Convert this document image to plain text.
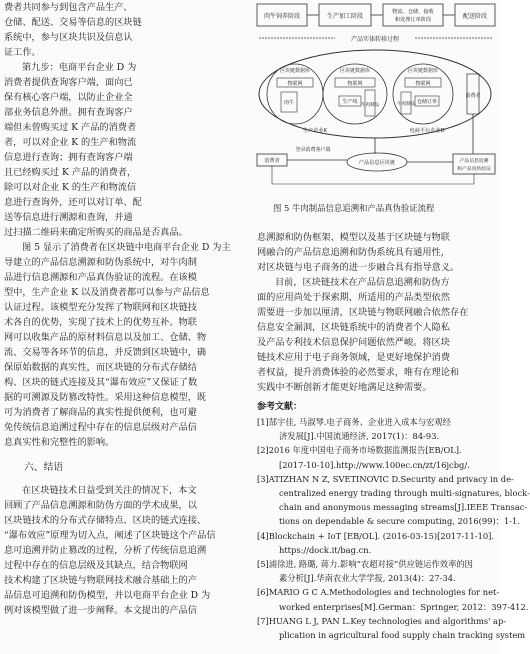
费者共同参与到包含产品生产、
仓储、配送、交易等信息的区块链
系统中，参与区块共识及信息认
证工作。
第九步：电商平台企业 D 为
消费者提供查询客户端，面向已
保有核心客户端，以防止企业全
部业务信息外泄。拥有查询客户
端但未曾购买过 K 产品的消费者
者，可以对企业 K 的生产和物流
信息进行查询；拥有查询客户端
且已经购买过 K 产品的消费者，
除可以对企业 K 的生产和物流信
息进行查询外，还可以对订单、配
送等信息进行溯源和查询，并通
过扫描二维码来确定所购买的商品是否真品。
图 5 显示了消费者在区块链中电商平台企业 D 为主
导建立的产品信息溯源和防伪系统中，对牛肉制
品进行信息溯源和产品真伪验证的流程。在该模
型中，生产企业 K 以及消费者都可以参与产品信息
认证过程。该模型充分发挥了物联网和区块链技
术各自的优势，实现了技术上的优势互补。物联
网可以收集产品的原材料信息以及加工、仓储、物
流、交易等各环节的信息，并反馈到区块链中，确
保原始数据的真实性，而区块链的分布式存储结
构、区块的链式连接及其“瀑布效应”又保证了数
据的可溯源及防篡改特性。采用这种信息模型，既
可为消费者了解商品的真实性提供便利，也可避
免传统信息追溯过程中存在的信息层级对产品信
息真实性和完整性的影响。
六、结语
在区块链技术日益受到关注的情况下，本文
回顾了产品信息溯源和防伪方面的学术成果，以
区块链技术的分布式存储特点、区块的链式连接、
“瀑布效应”原理为切入点，阐述了区块链这个产品信
息可追溯并防止篡改的过程，分析了传统信息追溯
过程中存在的信息层级及其缺点，结合物联网
技术构建了区块链与物联网技术融合基础上的产
品信息可追溯和防伪模型，并以电商平台企业 D 为
例对该模型做了进一步阐释。本文提出的产品信
肉牛饲养阶段	生产加工阶段
物流、仓储、接收
和处理订单阶段	配送阶段
产品实体转移过程
区块链数据库	区块链数据库	区块链数据库
物联网	物联网	物联网
肉牛	生产线
牛肉制品	牛肉制品 仓储订单
消费者
生产企业K	电商平台企业D
消费者
登录消费客户端
产品信息区块链	产品信息追溯
和产品真伪验证
图 5 牛肉制品信息追溯和产品真伪验证流程
息溯源和防伪框架、模型以及基于区块链与物联
网融合的产品信息追溯和防伪系统具有通用性，
对区块链与电子商务的进一步融合具有指导意义。
目前，区块链技术在产品信息追溯和防伪方
面的应用尚处于探索期，所适用的产品类型依然
需要进一步加以厘清，区块链与物联网融合依然存在
信息安全漏洞，区块链系统中的消费者个人隐私
及产品专利技术信息保护问题依然严峻。将区块
链技术应用于电子商务领域，是更好地保护消费
者权益，提升消费体验的必然要求，唯有在理论和
实践中不断创新才能更好地满足这种需要。
参考文献：
[1]郜宇佳, 马淑琴.电子商务、企业进入成本与宏观经
济发展[J].中国流通经济, 2017(1)：84-93.
[2]2016 年度中国电子商务市场数据监测报告[EB/OL].
[2017-10-10].http://www.100ec.cn/zt/16jcbg/.
[3]ATIZHAN N Z, SVETINOVIC D.Security and privacy in de-
centralized energy trading through multi-signatures, block-
chain and anonymous messaging streams[J].IEEE Transac-
tions on dependable & secure computing, 2016(99)：1-1.
[4]Blockchain + IoT [EB/OL]. (2016-03-15)[2017-11-10].
https://dock.it/bag.cn.
[5]浦徐进, 路璐, 蒋力.影响“农超对接”供应链运作效率的因
素分析[J].华南农业大学学报, 2013(4)：27-34.
[6]MARIO G C A.Methodologies and technologies for net-
worked enterprises[M].German：Springer, 2012：397-412.
[7]HUANG L J, PAN L.Key technologies and algorithms' ap-
plication in agricultural food supply chain tracking system
